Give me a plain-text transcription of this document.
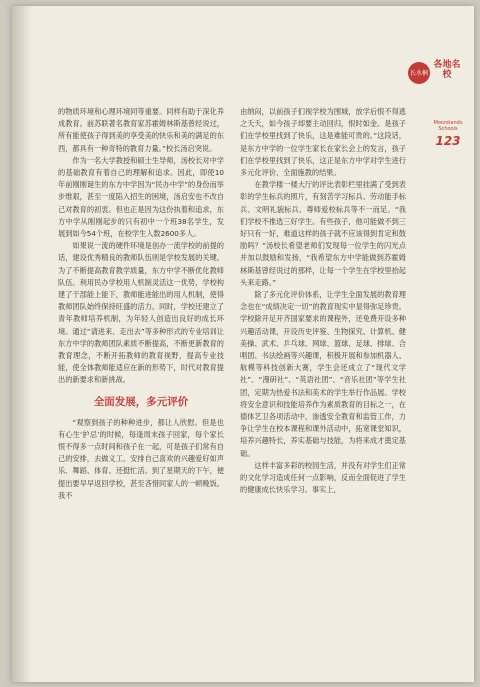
长水桐
各地名校
Moorelands Schools
123

的物质环境和心理环境同等重要。同样有助于深化养成教育。前苏联著名教育家苏霍姆林斯基曾经说过，所有能使孩子得到美的享受美的快乐和美的满足的东西，都具有一种奇特的教育力量。”校长汤启突说。

作为一名大学教授和硕士生导师，汤校长对中学的基础教育有着自己的理解和追求。因此，即使10年前刚刚诞生的东方中学因为“民办中学”的身份而举步维艰，甚至一度陷入招生的困境，汤启安也不改自己对教育的初衷。但也正是因为这份执着和追求，东方中学从刚刚起步的只有初中一个班38名学生，发展到如今54个班，在校学生人数2600多人。

如果说一流的硬件环境是创办一流学校的前提的话，建设优秀精良的教师队伍则是学校发展的关键。为了不断提高教育教学质量，东方中学不断优化教师队伍。利用民办学校用人机制灵活这一优势，学校构建了干部能上能下，教师能进能出的用人机制，使得教师团队始终保持旺盛的活力。同时，学校还建立了青年教师培养机制，为年轻人创造出良好的成长环境。通过“请进来、走出去”等多种形式的专业培训让东方中学的教师团队素质不断提高，不断更新教育的教育理念，不断开拓教师的教育视野，提高专业技能，使全体教师能适应在新的形势下，时代对教育提出的新要求和新挑战。

全面发展，多元评价

“观察到孩子的种种进步，都让人欣慰。但是也有心生‘护忌’的时候，每逢周末孩子回家，每个家长恨不得多一点时间和孩子在一起，可是孩子们常有自己的安排，去做义工、安排自己喜欢的兴趣爱好如声乐、舞蹈、体育、还挺忙活。到了星期天的下午，便提出要早早返回学校，甚至吝惜同家人的一顿晚饭。我不

由纳闷，以前孩子们视学校为围城，放学后恨不得逃之夭夭，如今孩子却要主动回归，恨时如金。是孩子们在学校里找到了快乐，这是难能可贵的。”这段话，是东方中学的一位学生家长在家长会上的发言，孩子们在学校里找到了快乐，这正是东方中学对学生进行多元化评价、全面施教的结果。

在教学楼一楼大厅的评比表彰栏里挂满了受到表彰的学生标兵的照片，有刻苦学习标兵、劳动能手标兵、文明礼貌标兵、尊师爱校标兵等不一而足。“我们学校不推选三好学生。有些孩子，他可能做不到三好只有一好，难道这样的孩子就不应该得到肯定和鼓励吗？”汤校长希望老师们发现每一位学生的闪光点并加以鼓励和发扬，“我希望东方中学能做到苏霍姆林斯基曾经说过的那样，让每一个学生在学校里抬起头来走路。”

除了多元化评价体系，让学生全面发展的教育理念也在“成绩决定一切”的教育现实中显得弥足珍贵。学校除开足开齐国家要求的课程外，还免费开设多种兴趣活动课，开设历史评鉴、生物探究、计算机、健美操、武术、乒乓球、网球、篮球、足球、排球、合唱团、书法绘画等兴趣课，积极开展和参加机器人、航模等科技创新大赛，学生会还成立了“现代文学社”、“漫研社”、“英语社团”、“音乐社团”等学生社团，定期为热爱书法和美术的学生举行作品展。学校将安全意识和技能培养作为素质教育的目标之一，在德体艺卫各项活动中，渗透安全教育和监管工作，力争让学生在校本课程和课外活动中，拓宽课堂知识，培养兴趣特长，养实基础与技能，为将来成才奠定基础。

这样丰富多彩的校园生活，并没有对学生们正常的文化学习造成任何一点影响，反而全面促进了学生的健康成长快乐学习。事实上，
